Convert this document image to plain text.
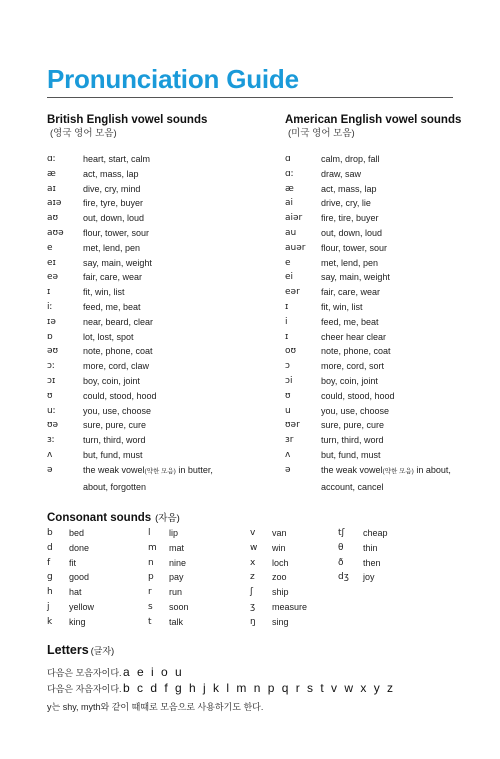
Pronunciation Guide
British English vowel sounds
(영국 영어 모음)
ɑː	heart, start, calm
æ	act, mass, lap
aɪ	dive, cry, mind
aɪə	fire, tyre, buyer
aʊ	out, down, loud
aʊə	flour, tower, sour
e	met, lend, pen
eɪ	say, main, weight
eə	fair, care, wear
ɪ	fit, win, list
iː	feed, me, beat
ɪə	near, beard, clear
ɒ	lot, lost, spot
əʊ	note, phone, coat
ɔː	more, cord, claw
ɔɪ	boy, coin, joint
ʊ	could, stood, hood
uː	you, use, choose
ʊə	sure, pure, cure
ɜː	turn, third, word
ʌ	but, fund, must
ə	the weak vowel(약한 모음) in butter,
about, forgotten
American English vowel sounds
(미국 영어 모음)
ɑ	calm, drop, fall
ɑː	draw, saw
æ	act, mass, lap
ai	drive, cry, lie
aiər	fire, tire, buyer
au	out, down, loud
auər	flour, tower, sour
e	met, lend, pen
ei	say, main, weight
eər	fair, care, wear
ɪ	fit, win, list
i	feed, me, beat
ɪ	cheer hear clear
oʊ	note, phone, coat
ɔ	more, cord, sort
ɔi	boy, coin, joint
ʊ	could, stood, hood
u	you, use, choose
ʊər	sure, pure, cure
ɜr	turn, third, word
ʌ	but, fund, must
ə	the weak vowel(약한 모음) in about,
account, cancel
Consonant sounds (자음)
b	bed
d	done
f	fit
g	good
h	hat
j	yellow
k	king
l	lip
m	mat
n	nine
p	pay
r	run
s	soon
t	talk
v	van
w	win
x	loch
z	zoo
ʃ	ship
ʒ	measure
ŋ	sing
tʃ	cheap
θ	thin
ð	then
dʒ	joy
Letters (글자)
다음은 모음자이다. a e i o u
다음은 자음자이다. b c d f g h j k l m n p q r s t v w x y z
y는 shy, myth와 같이 때때로 모음으로 사용하기도 한다.
